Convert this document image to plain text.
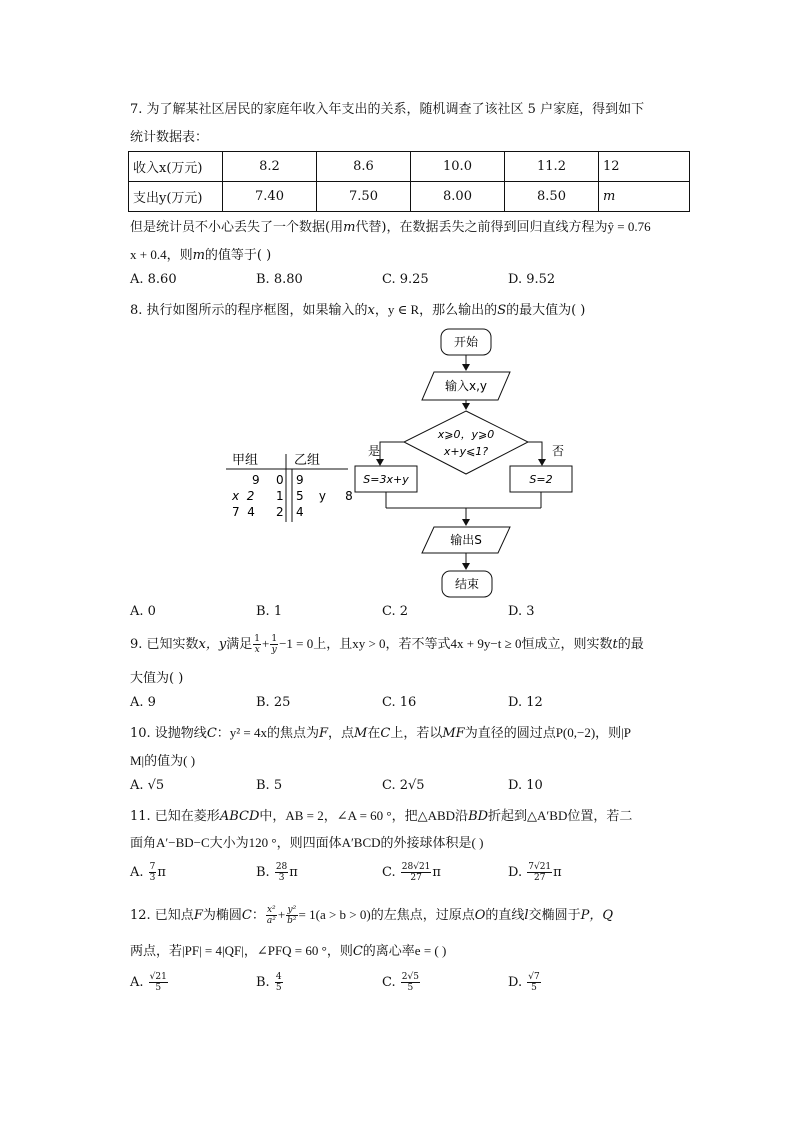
7. 为了解某社区居民的家庭年收入年支出的关系，随机调查了该社区 5 户家庭，得到如下
统计数据表：
收入x(万元)	8.2	8.6	10.0	11.2	12
支出y(万元)	7.40	7.50	8.00	8.50	m
但是统计员不小心丢失了一个数据(用m代替)，在数据丢失之前得到回归直线方程为ŷ = 0.76
x + 0.4，则m的值等于( )
A. 8.60	B. 8.80	C. 9.25	D. 9.52
8. 执行如图所示的程序框图，如果输入的x，y ∈ R，那么输出的S的最大值为( )
甲组	乙组
9 0 9
x  2 1 5    y     8
7  4 2 4
开始
输入x,y
x⩾0，y⩾0
x+y⩽1?
是
S=3x+y
否
S=2
输出S
结束
A. 0	B. 1	C. 2	D. 3
9. 已知实数x，y满足 $\frac{1}{x} + \frac{1}{y} -1 = 0$上，且xy > 0，若不等式4x + 9y−t ≥ 0恒成立，则实数t的最
大值为( )
A. 9	B. 25	C. 16	D. 12
10. 设抛物线C：y² = 4x的焦点为F，点M在C上，若以MF为直径的圆过点P(0,−2)，则|P
M|的值为( )
A. √5	B. 5	C. 2√5	D. 10
11. 已知在菱形ABCD中，AB = 2，∠A = 60 °，把△ABD沿BD折起到△A′BD位置，若二
面角A′−BD−C大小为120 °，则四面体A′BCD的外接球体积是( )
A. $\frac{7}{3}$ π	B. $\frac{28}{3}$ π	C. $\frac{28√21}{27}$ π	D. $\frac{7√21}{27}$ π
12. 已知点F为椭圆C： $\frac{\text{x²}}{\text{a²}} + \frac{\text{y²}}{\text{b²}} = 1(a > b > 0)$的左焦点，过原点O的直线l交椭圆于P，Q
两点，若|PF| = 4|QF|，∠PFQ = 60 °，则C的离心率e = ( )
A. $\frac{√21}{5}$	B. $\frac{4}{5}$	C. $\frac{2√5}{5}$	D. $\frac{√7}{5}$
